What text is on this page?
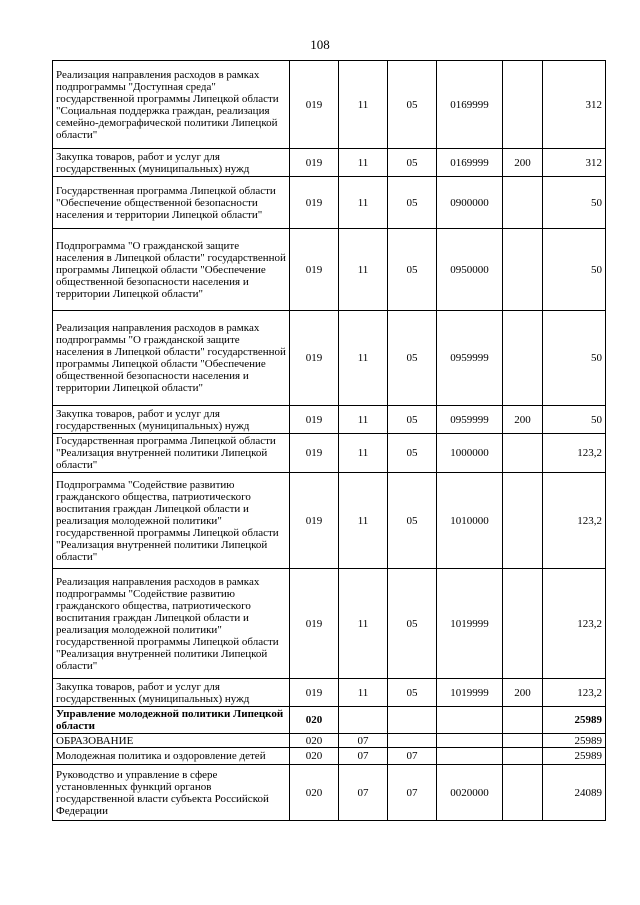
108
Реализация направления расходов в рамках подпрограммы "Доступная среда" государственной программы Липецкой области "Социальная поддержка граждан, реализация семейно-демографической политики Липецкой области"	019	11	05	0169999		312
Закупка товаров, работ и услуг для государственных (муниципальных) нужд	019	11	05	0169999	200	312
Государственная программа Липецкой области "Обеспечение общественной безопасности населения и территории Липецкой области"	019	11	05	0900000		50
Подпрограмма "О гражданской защите населения в Липецкой области" государственной программы Липецкой области "Обеспечение общественной безопасности населения и территории Липецкой области"	019	11	05	0950000		50
Реализация направления расходов в рамках подпрограммы "О гражданской защите населения в Липецкой области" государственной программы Липецкой области "Обеспечение общественной безопасности населения и территории Липецкой области"	019	11	05	0959999		50
Закупка товаров, работ и услуг для государственных (муниципальных) нужд	019	11	05	0959999	200	50
Государственная программа Липецкой области "Реализация внутренней политики Липецкой области"	019	11	05	1000000		123,2
Подпрограмма "Содействие развитию гражданского общества, патриотического воспитания граждан Липецкой области и реализация молодежной политики" государственной программы Липецкой области "Реализация внутренней политики Липецкой области"	019	11	05	1010000		123,2
Реализация направления расходов в рамках подпрограммы "Содействие развитию гражданского общества, патриотического воспитания граждан Липецкой области и реализация молодежной политики" государственной программы Липецкой области "Реализация внутренней политики Липецкой области"	019	11	05	1019999		123,2
Закупка товаров, работ и услуг для государственных (муниципальных) нужд	019	11	05	1019999	200	123,2
Управление молодежной политики Липецкой области	020					25989
ОБРАЗОВАНИЕ	020	07				25989
Молодежная политика и оздоровление детей	020	07	07			25989
Руководство и управление в сфере установленных функций органов государственной власти субъекта Российской Федерации	020	07	07	0020000		24089
